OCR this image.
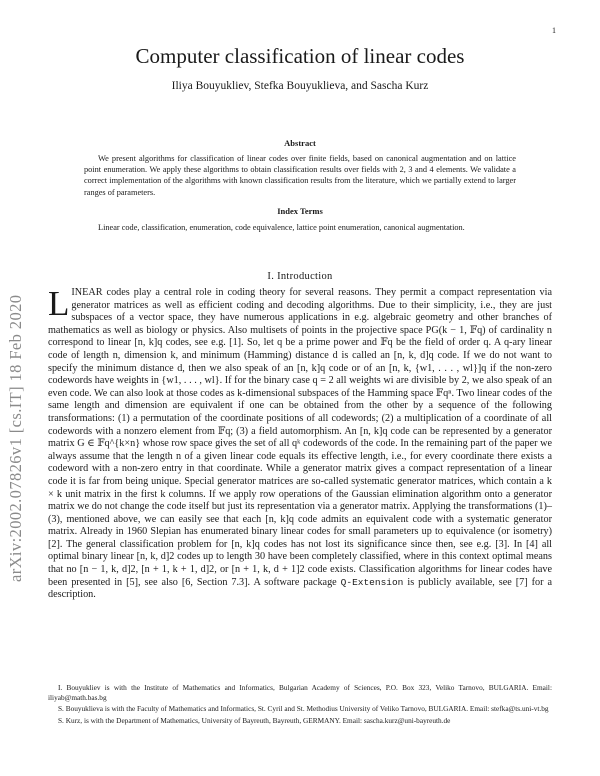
1
arXiv:2002.07826v1 [cs.IT] 18 Feb 2020
Computer classification of linear codes
Iliya Bouyukliev, Stefka Bouyuklieva, and Sascha Kurz
Abstract

We present algorithms for classification of linear codes over finite fields, based on canonical augmentation and on lattice point enumeration. We apply these algorithms to obtain classification results over fields with 2, 3 and 4 elements. We validate a correct implementation of the algorithms with known classification results from the literature, which we partially extend to larger ranges of parameters.

Index Terms

Linear code, classification, enumeration, code equivalence, lattice point enumeration, canonical augmentation.

I. Introduction

LINEAR codes play a central role in coding theory for several reasons. They permit a compact representation via generator matrices as well as efficient coding and decoding algorithms. Due to their simplicity, i.e., they are just subspaces of a vector space, they have numerous applications in e.g. algebraic geometry and other branches of mathematics as well as biology or physics. Also multisets of points in the projective space PG(k − 1, 𝔽q) of cardinality n correspond to linear [n, k]q codes, see e.g. [1]. So, let q be a prime power and 𝔽q be the field of order q. A q-ary linear code of length n, dimension k, and minimum (Hamming) distance d is called an [n, k, d]q code. If we do not want to specify the minimum distance d, then we also speak of an [n, k]q code or of an [n, k, {w1, . . . , wl}]q if the non-zero codewords have weights in {w1, . . . , wl}. If for the binary case q = 2 all weights wi are divisible by 2, we also speak of an even code. We can also look at those codes as k-dimensional subspaces of the Hamming space 𝔽qⁿ. Two linear codes of the same length and dimension are equivalent if one can be obtained from the other by a sequence of the following transformations: (1) a permutation of the coordinate positions of all codewords; (2) a multiplication of a coordinate of all codewords with a nonzero element from 𝔽q; (3) a field automorphism. An [n, k]q code can be represented by a generator matrix G ∈ 𝔽q^{k×n} whose row space gives the set of all qᵏ codewords of the code. In the remaining part of the paper we always assume that the length n of a given linear code equals its effective length, i.e., for every coordinate there exists a codeword with a non-zero entry in that coordinate. While a generator matrix gives a compact representation of a linear code it is far from being unique. Special generator matrices are so-called systematic generator matrices, which contain a k × k unit matrix in the first k columns. If we apply row operations of the Gaussian elimination algorithm onto a generator matrix we do not change the code itself but just its representation via a generator matrix. Applying the transformations (1)–(3), mentioned above, we can easily see that each [n, k]q code admits an equivalent code with a systematic generator matrix. Already in 1960 Slepian has enumerated binary linear codes for small parameters up to equivalence (or isometry) [2]. The general classification problem for [n, k]q codes has not lost its significance since then, see e.g. [3]. In [4] all optimal binary linear [n, k, d]2 codes up to length 30 have been completely classified, where in this context optimal means that no [n − 1, k, d]2, [n + 1, k + 1, d]2, or [n + 1, k, d + 1]2 code exists. Classification algorithms for linear codes have been presented in [5], see also [6, Section 7.3]. A software package Q-Extension is publicly available, see [7] for a description.

I. Bouyukliev is with the Institute of Mathematics and Informatics, Bulgarian Academy of Sciences, P.O. Box 323, Veliko Tarnovo, BULGARIA. Email: iliyab@math.bas.bg

S. Bouyuklieva is with the Faculty of Mathematics and Informatics, St. Cyril and St. Methodius University of Veliko Tarnovo, BULGARIA. Email: stefka@ts.uni-vt.bg

S. Kurz, is with the Department of Mathematics, University of Bayreuth, Bayreuth, GERMANY. Email: sascha.kurz@uni-bayreuth.de
